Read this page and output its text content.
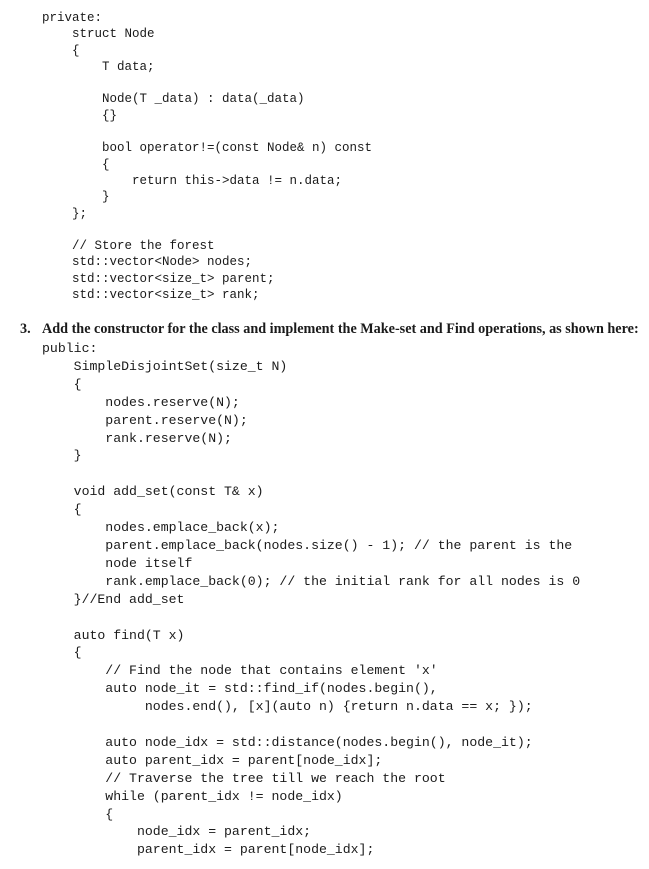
private:
struct Node
{
T data;

Node(T _data) : data(_data)
{}

bool operator!=(const Node& n) const
{
return this->data != n.data;
}
};

// Store the forest
std::vector<Node> nodes;
std::vector<size_t> parent;
std::vector<size_t> rank;
3. Add the constructor for the class and implement the Make-set and Find operations, as shown here:
public:
SimpleDisjointSet(size_t N)
{
nodes.reserve(N);
parent.reserve(N);
rank.reserve(N);
}

void add_set(const T& x)
{
nodes.emplace_back(x);
parent.emplace_back(nodes.size() - 1); // the parent is the
node itself
rank.emplace_back(0); // the initial rank for all nodes is 0
}//End add_set

auto find(T x)
{
// Find the node that contains element 'x'
auto node_it = std::find_if(nodes.begin(),
nodes.end(), [x](auto n) {return n.data == x; });

auto node_idx = std::distance(nodes.begin(), node_it);
auto parent_idx = parent[node_idx];
// Traverse the tree till we reach the root
while (parent_idx != node_idx)
{
node_idx = parent_idx;
parent_idx = parent[node_idx];
